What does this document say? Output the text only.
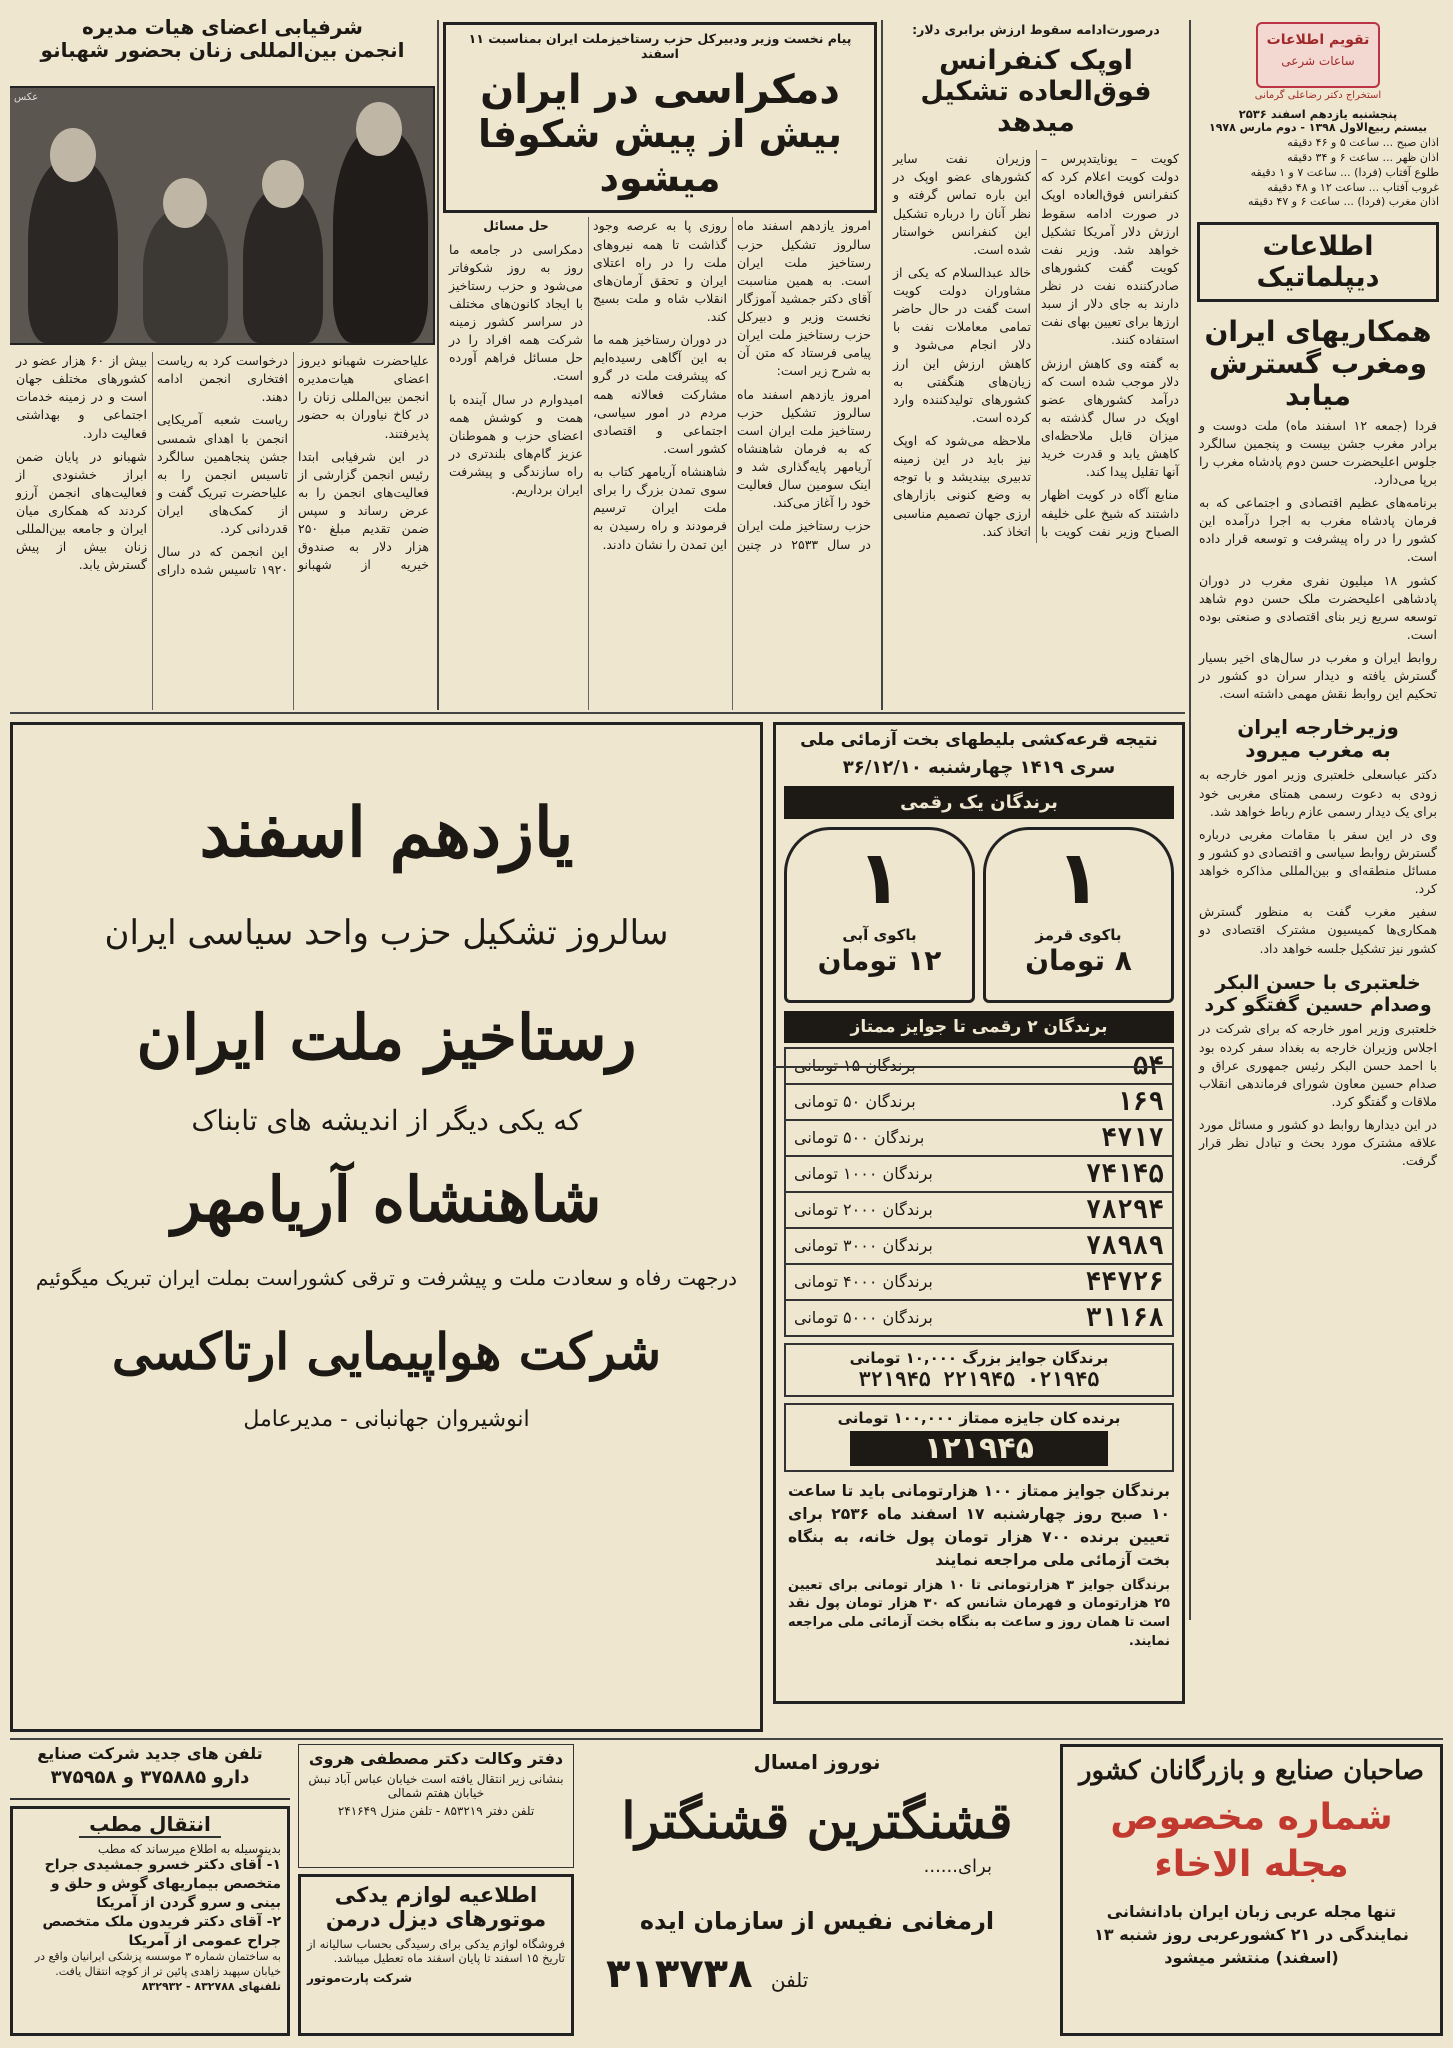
تقویم اطلاعات
ساعات شرعی
استخراج دکتر رضاعلی گرمانی
پنجشنبه یازدهم اسفند ۲۵۳۶
بیستم ربیع‌الاول ۱۳۹۸ - دوم مارس ۱۹۷۸
اذان صبح ... ساعت ۵ و ۴۶ دقیقه
اذان ظهر ... ساعت ۶ و ۳۴ دقیقه
طلوع آفتاب (فردا) ... ساعت ۷ و ۱ دقیقه
غروب آفتاب ... ساعت ۱۲ و ۴۸ دقیقه
اذان مغرب (فردا) ... ساعت ۶ و ۴۷ دقیقه
اطلاعات دیپلماتیک
همکاریهای ایران
ومغرب گسترش میابد

فردا (جمعه ۱۲ اسفند ماه) ملت دوست و برادر مغرب جشن بیست و پنجمین سالگرد جلوس اعلیحضرت حسن دوم پادشاه مغرب را برپا می‌دارد.

برنامه‌های عظیم اقتصادی و اجتماعی که به فرمان پادشاه مغرب به اجرا درآمده این کشور را در راه پیشرفت و توسعه قرار داده است.

کشور ۱۸ میلیون نفری مغرب در دوران پادشاهی اعلیحضرت ملک حسن دوم شاهد توسعه سریع زیر بنای اقتصادی و صنعتی بوده است.

روابط ایران و مغرب در سال‌های اخیر بسیار گسترش یافته و دیدار سران دو کشور در تحکیم این روابط نقش مهمی داشته است.

وزیرخارجه ایران
به مغرب میرود

دکتر عباسعلی خلعتبری وزیر امور خارجه به زودی به دعوت رسمی همتای مغربی خود برای یک دیدار رسمی عازم رباط خواهد شد.

وی در این سفر با مقامات مغربی درباره گسترش روابط سیاسی و اقتصادی دو کشور و مسائل منطقه‌ای و بین‌المللی مذاکره خواهد کرد.

سفیر مغرب گفت به منظور گسترش همکاری‌ها کمیسیون مشترک اقتصادی دو کشور نیز تشکیل جلسه خواهد داد.

خلعتبری با حسن البکر وصدام حسین گفتگو کرد

خلعتبری وزیر امور خارجه که برای شرکت در اجلاس وزیران خارجه به بغداد سفر کرده بود با احمد حسن البکر رئیس جمهوری عراق و صدام حسین معاون شورای فرماندهی انقلاب ملاقات و گفتگو کرد.

در این دیدارها روابط دو کشور و مسائل مورد علاقه مشترک مورد بحث و تبادل نظر قرار گرفت.

درصورت‌ادامه سقوط ارزش برابری دلار:
اوپک کنفرانس فوق‌العاده تشکیل میدهد

کویت – یونایتدپرس – دولت کویت اعلام کرد که کنفرانس فوق‌العاده اوپک در صورت ادامه سقوط ارزش دلار آمریکا تشکیل خواهد شد. وزیر نفت کویت گفت کشورهای صادرکننده نفت در نظر دارند به جای دلار از سبد ارزها برای تعیین بهای نفت استفاده کنند.

به گفته وی کاهش ارزش دلار موجب شده است که درآمد کشورهای عضو اوپک در سال گذشته به میزان قابل ملاحظه‌ای کاهش یابد و قدرت خرید آنها تقلیل پیدا کند.

منابع آگاه در کویت اظهار داشتند که شیخ علی خلیفه الصباح وزیر نفت کویت با وزیران نفت سایر کشورهای عضو اوپک در این باره تماس گرفته و نظر آنان را درباره تشکیل این کنفرانس خواستار شده است.

خالد عبدالسلام که یکی از مشاوران دولت کویت است گفت در حال حاضر تمامی معاملات نفت با دلار انجام می‌شود و کاهش ارزش این ارز زیان‌های هنگفتی به کشورهای تولیدکننده وارد کرده است.

ملاحظه می‌شود که اوپک نیز باید در این زمینه تدبیری بیندیشد و با توجه به وضع کنونی بازارهای ارزی جهان تصمیم مناسبی اتخاذ کند.

پیام نخست وزیر ودبیرکل حزب رستاخیزملت ایران بمناسبت ۱۱ اسفند
دمکراسی در ایران
بیش از پیش شکوفا میشود

امروز یازدهم اسفند ماه سالروز تشکیل حزب رستاخیز ملت ایران است. به همین مناسبت آقای دکتر جمشید آموزگار نخست وزیر و دبیرکل حزب رستاخیز ملت ایران پیامی فرستاد که متن آن به شرح زیر است:

امروز یازدهم اسفند ماه سالروز تشکیل حزب رستاخیز ملت ایران است که به فرمان شاهنشاه آریامهر پایه‌گذاری شد و اینک سومین سال فعالیت خود را آغاز می‌کند.

حزب رستاخیز ملت ایران در سال ۲۵۳۳ در چنین روزی پا به عرصه وجود گذاشت تا همه نیروهای ملت را در راه اعتلای ایران و تحقق آرمان‌های انقلاب شاه و ملت بسیج کند.

در دوران رستاخیز همه ما به این آگاهی رسیده‌ایم که پیشرفت ملت در گرو مشارکت فعالانه همه مردم در امور سیاسی، اجتماعی و اقتصادی کشور است.

شاهنشاه آریامهر کتاب به سوی تمدن بزرگ را برای ملت ایران ترسیم فرمودند و راه رسیدن به این تمدن را نشان دادند.

حل مسائل

دمکراسی در جامعه ما روز به روز شکوفاتر می‌شود و حزب رستاخیز با ایجاد کانون‌های مختلف در سراسر کشور زمینه شرکت همه افراد را در حل مسائل فراهم آورده است.

امیدوارم در سال آینده با همت و کوشش همه اعضای حزب و هموطنان عزیز گام‌های بلندتری در راه سازندگی و پیشرفت ایران برداریم.

شرفیابی اعضای هیات مدیره
انجمن بین‌المللی زنان بحضور شهبانو
عکس

علیاحضرت شهبانو دیروز اعضای هیات‌مدیره انجمن بین‌المللی زنان را در کاخ نیاوران به حضور پذیرفتند.

در این شرفیابی ابتدا رئیس انجمن گزارشی از فعالیت‌های انجمن را به عرض رساند و سپس ضمن تقدیم مبلغ ۲۵۰ هزار دلار به صندوق خیریه از شهبانو درخواست کرد به ریاست افتخاری انجمن ادامه دهند.

ریاست شعبه آمریکایی انجمن با اهدای شمسی جشن پنجاهمین سالگرد تاسیس انجمن را به علیاحضرت تبریک گفت و از کمک‌های ایران قدردانی کرد.

این انجمن که در سال ۱۹۲۰ تاسیس شده دارای بیش از ۶۰ هزار عضو در کشورهای مختلف جهان است و در زمینه خدمات اجتماعی و بهداشتی فعالیت دارد.

شهبانو در پایان ضمن ابراز خشنودی از فعالیت‌های انجمن آرزو کردند که همکاری میان ایران و جامعه بین‌المللی زنان بیش از پیش گسترش یابد.

یازدهم اسفند
سالروز تشکیل حزب واحد سیاسی ایران
رستاخیز ملت ایران
که یکی دیگر از اندیشه های تابناک
شاهنشاه آریامهر
درجهت رفاه و سعادت ملت و پیشرفت و ترقی کشوراست بملت ایران تبریک میگوئیم
شرکت هواپیمایی ارتاکسی
انوشیروان جهانبانی - مدیرعامل
نتیجه قرعه‌کشی بلیطهای بخت آزمائی ملی
سری ۱۴۱۹ چهارشنبه ۳۶/۱۲/۱۰
برندگان یک رقمی
۱
باکوی قرمز
۸ تومان
۱
باکوی آبی
۱۲ تومان
برندگان ۲ رقمی تا جوایز ممتاز
۵۴
برندگان ۱۵ تومانی
۱۶۹
برندگان ۵۰ تومانی
۴۷۱۷
برندگان ۵۰۰ تومانی
۷۴۱۴۵
برندگان ۱۰۰۰ تومانی
۷۸۲۹۴
برندگان ۲۰۰۰ تومانی
۷۸۹۸۹
برندگان ۳۰۰۰ تومانی
۴۴۷۲۶
برندگان ۴۰۰۰ تومانی
۳۱۱۶۸
برندگان ۵۰۰۰ تومانی
برندگان جوایز بزرگ ۱۰,۰۰۰ تومانی
۰۲۱۹۴۵ ۲۲۱۹۴۵ ۳۲۱۹۴۵
برنده کان جایزه ممتاز ۱۰۰,۰۰۰ تومانی
۱۲۱۹۴۵
برندگان جوایز ممتاز ۱۰۰ هزارتومانی باید تا ساعت ۱۰ صبح روز چهارشنبه ۱۷ اسفند ماه ۲۵۳۶ برای تعیین برنده ۷۰۰ هزار تومان پول خانه، به بنگاه بخت آزمائی ملی مراجعه نمایند
برندگان جوایز ۳ هزارتومانی تا ۱۰ هزار تومانی برای تعیین ۲۵ هزارتومان و فهرمان شانس که ۳۰ هزار تومان پول نقد است تا همان روز و ساعت به بنگاه بخت آزمائی ملی مراجعه نمایند.
تلفن های جدید شرکت صنایع
دارو ۳۷۵۸۸۵ و ۳۷۵۹۵۸
انتقال مطب
بدینوسیله به اطلاع میرساند که مطب
۱- آقای دکتر خسرو جمشیدی جراح متخصص بیماریهای گوش و حلق و بینی و سرو گردن از آمریکا
۲- آقای دکتر فریدون ملک متخصص جراح عمومی از آمریکا
به ساختمان شماره ۳ موسسه پزشکی ایرانیان واقع در خیابان سپهبد زاهدی پائین تر از کوچه انتقال یافت.
تلفنهای ۸۳۲۷۸۸ - ۸۳۲۹۳۲
دفتر وکالت دکتر مصطفی هروی
بنشانی زیر انتقال یافته است خیابان عباس آباد نبش خیابان هفتم شمالی
تلفن دفتر ۸۵۳۲۱۹ - تلفن منزل ۲۴۱۶۴۹
اطلاعیه لوازم یدکی موتورهای دیزل درمن
فروشگاه لوازم یدکی برای رسیدگی بحساب سالیانه از تاریخ ۱۵ اسفند تا پایان اسفند ماه تعطیل میباشد.
شرکت پارت‌موتور
نوروز امسال
قشنگترین قشنگترا
برای......
ارمغانی نفیس از سازمان ایده
تلفن ۳۱۳۷۳۸
صاحبان صنایع و بازرگانان کشور
شماره مخصوص
مجله الاخاء
تنها مجله عربی زبان ایران بادانشانی نمایندگی در ۲۱ کشورعربی روز شنبه ۱۳ (اسفند) منتشر میشود
